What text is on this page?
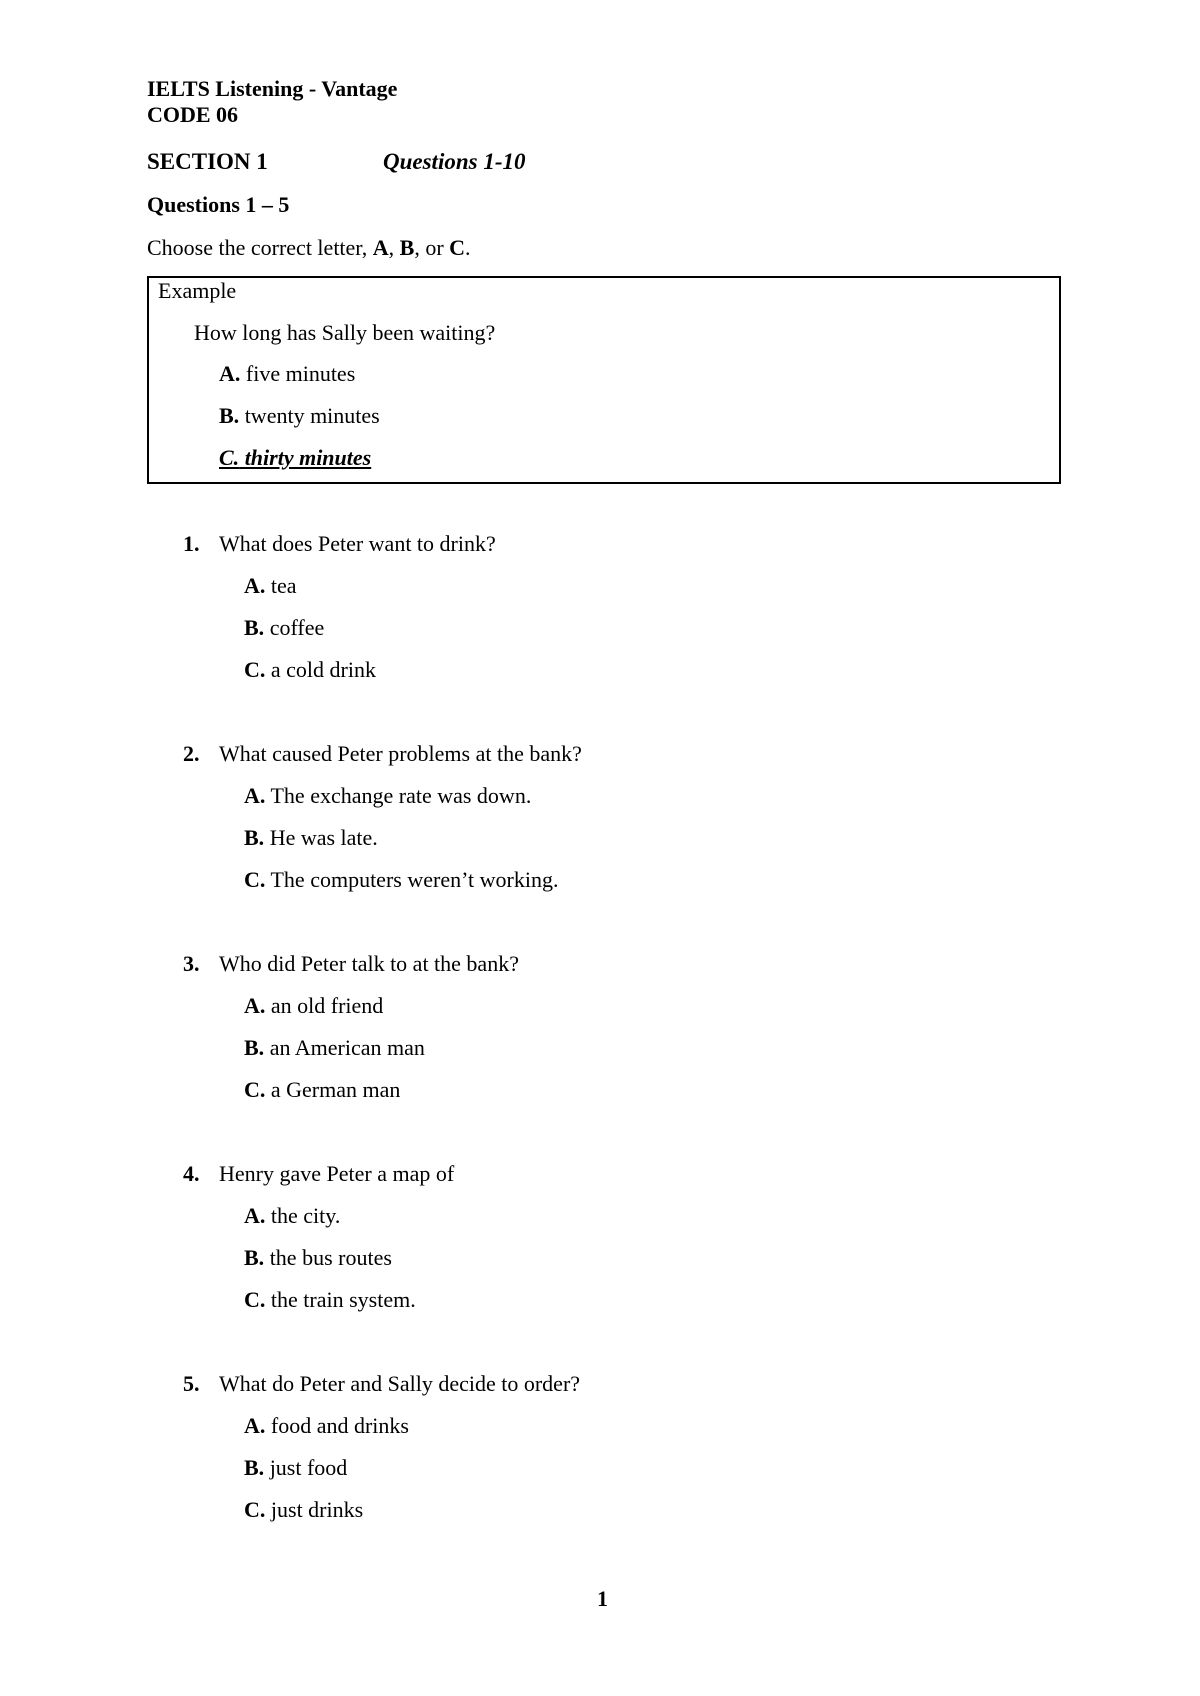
IELTS Listening - Vantage
CODE 06
SECTION 1	Questions 1-10
Questions 1 – 5
Choose the correct letter, A, B, or C.
Example
How long has Sally been waiting?
A. five minutes
B. twenty minutes
C. thirty minutes
1. What does Peter want to drink?
A. tea
B. coffee
C. a cold drink
2. What caused Peter problems at the bank?
A. The exchange rate was down.
B. He was late.
C. The computers weren’t working.
3. Who did Peter talk to at the bank?
A. an old friend
B. an American man
C. a German man
4. Henry gave Peter a map of
A. the city.
B. the bus routes
C. the train system.
5. What do Peter and Sally decide to order?
A. food and drinks
B. just food
C. just drinks
1
